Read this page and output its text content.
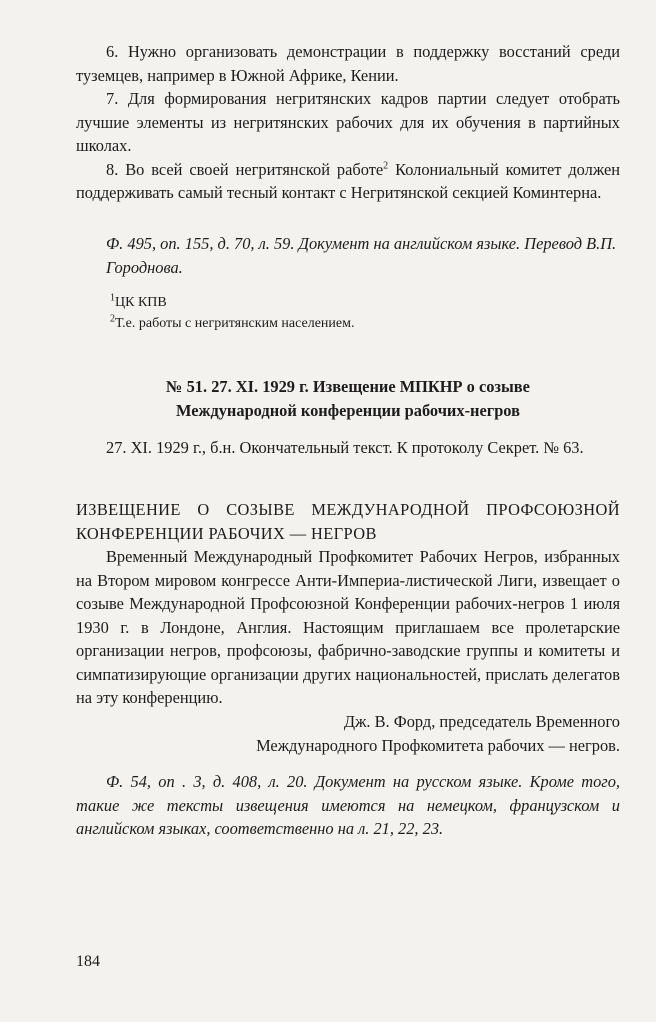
6. Нужно организовать демонстрации в поддержку восстаний среди туземцев, например в Южной Африке, Кении.

7. Для формирования негритянских кадров партии следует отобрать лучшие элементы из негритянских рабочих для их обучения в партийных школах.

8. Во всей своей негритянской работе$^2$ Колониальный комитет должен поддерживать самый тесный контакт с Негритянской секцией Коминтерна.

Ф. 495, оп. 155, д. 70, л. 59. Документ на английском языке. Перевод В.П. Городнова.
$^1$ЦК КПВ
$^2$Т.е. работы с негритянским населением.
№ 51. 27. XI. 1929 г. Извещение МПКНР о созыве
Международной конференции рабочих-негров
27. XI. 1929 г., б.н. Окончательный текст. К протоколу Секрет. № 63.
ИЗВЕЩЕНИЕ О СОЗЫВЕ МЕЖДУНАРОДНОЙ ПРОФСОЮЗНОЙ КОНФЕРЕНЦИИ РАБОЧИХ — НЕГРОВ
Временный Международный Профкомитет Рабочих Негров, избранных на Втором мировом конгрессе Анти-Империа-листической Лиги, извещает о созыве Международной Профсоюзной Конференции рабочих-негров 1 июля 1930 г. в Лондоне, Англия. Настоящим приглашаем все пролетарские организации негров, профсоюзы, фабрично-заводские группы и комитеты и симпатизирующие организации других национальностей, прислать делегатов на эту конференцию.
Дж. В. Форд, председатель Временного
Международного Профкомитета рабочих — негров.
Ф. 54, оп . 3, д. 408, л. 20. Документ на русском языке. Кроме того, такие же тексты извещения имеются на немецком, французском и английском языках, соответственно на л. 21, 22, 23.
184
